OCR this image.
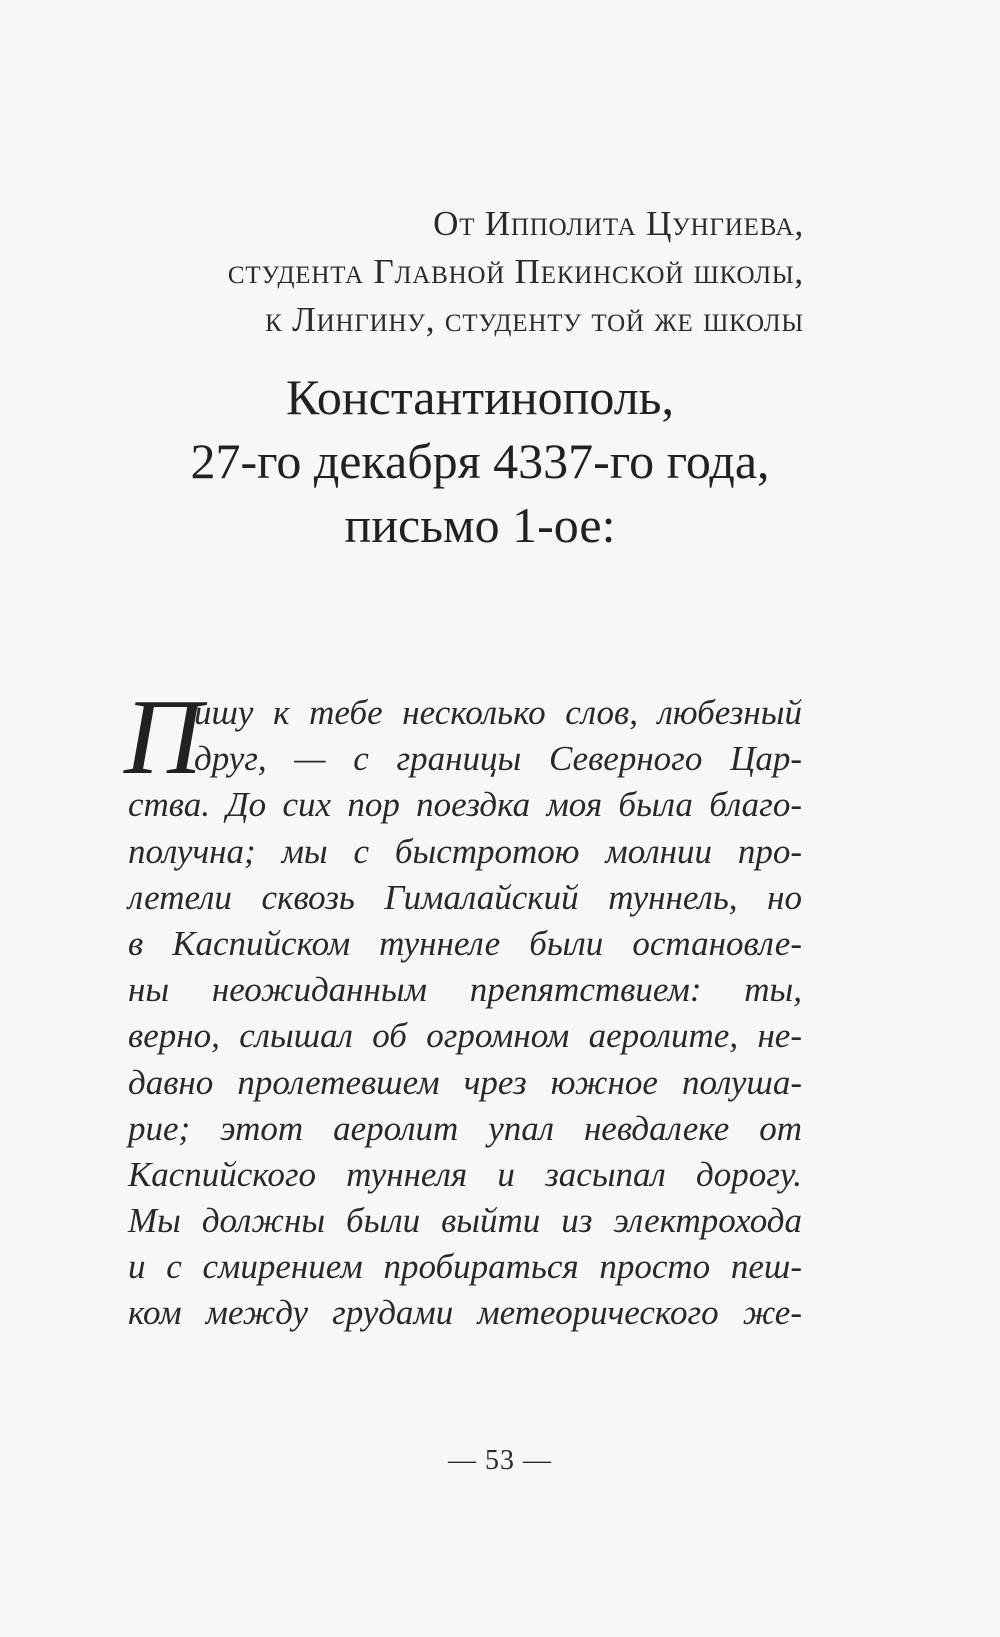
От Ипполита Цунгиева,
студента Главной Пекинской школы,
к Лингину, студенту той же школы
Константинополь,
27-го декабря 4337-го года,
письмо 1-ое:
П
ишу к тебе несколько слов, любезный
друг, — с границы Северного Цар-
ства. До сих пор поездка моя была благо-
получна; мы с быстротою молнии про-
летели сквозь Гималайский туннель, но
в Каспийском туннеле были остановле-
ны неожиданным препятствием: ты,
верно, слышал об огромном аеролите, не-
давно пролетевшем чрез южное полуша-
рие; этот аеролит упал невдалеке от
Каспийского туннеля и засыпал дорогу.
Мы должны были выйти из электрохода
и с смирением пробираться просто пеш-
ком между грудами метеорического же-
— 53 —
